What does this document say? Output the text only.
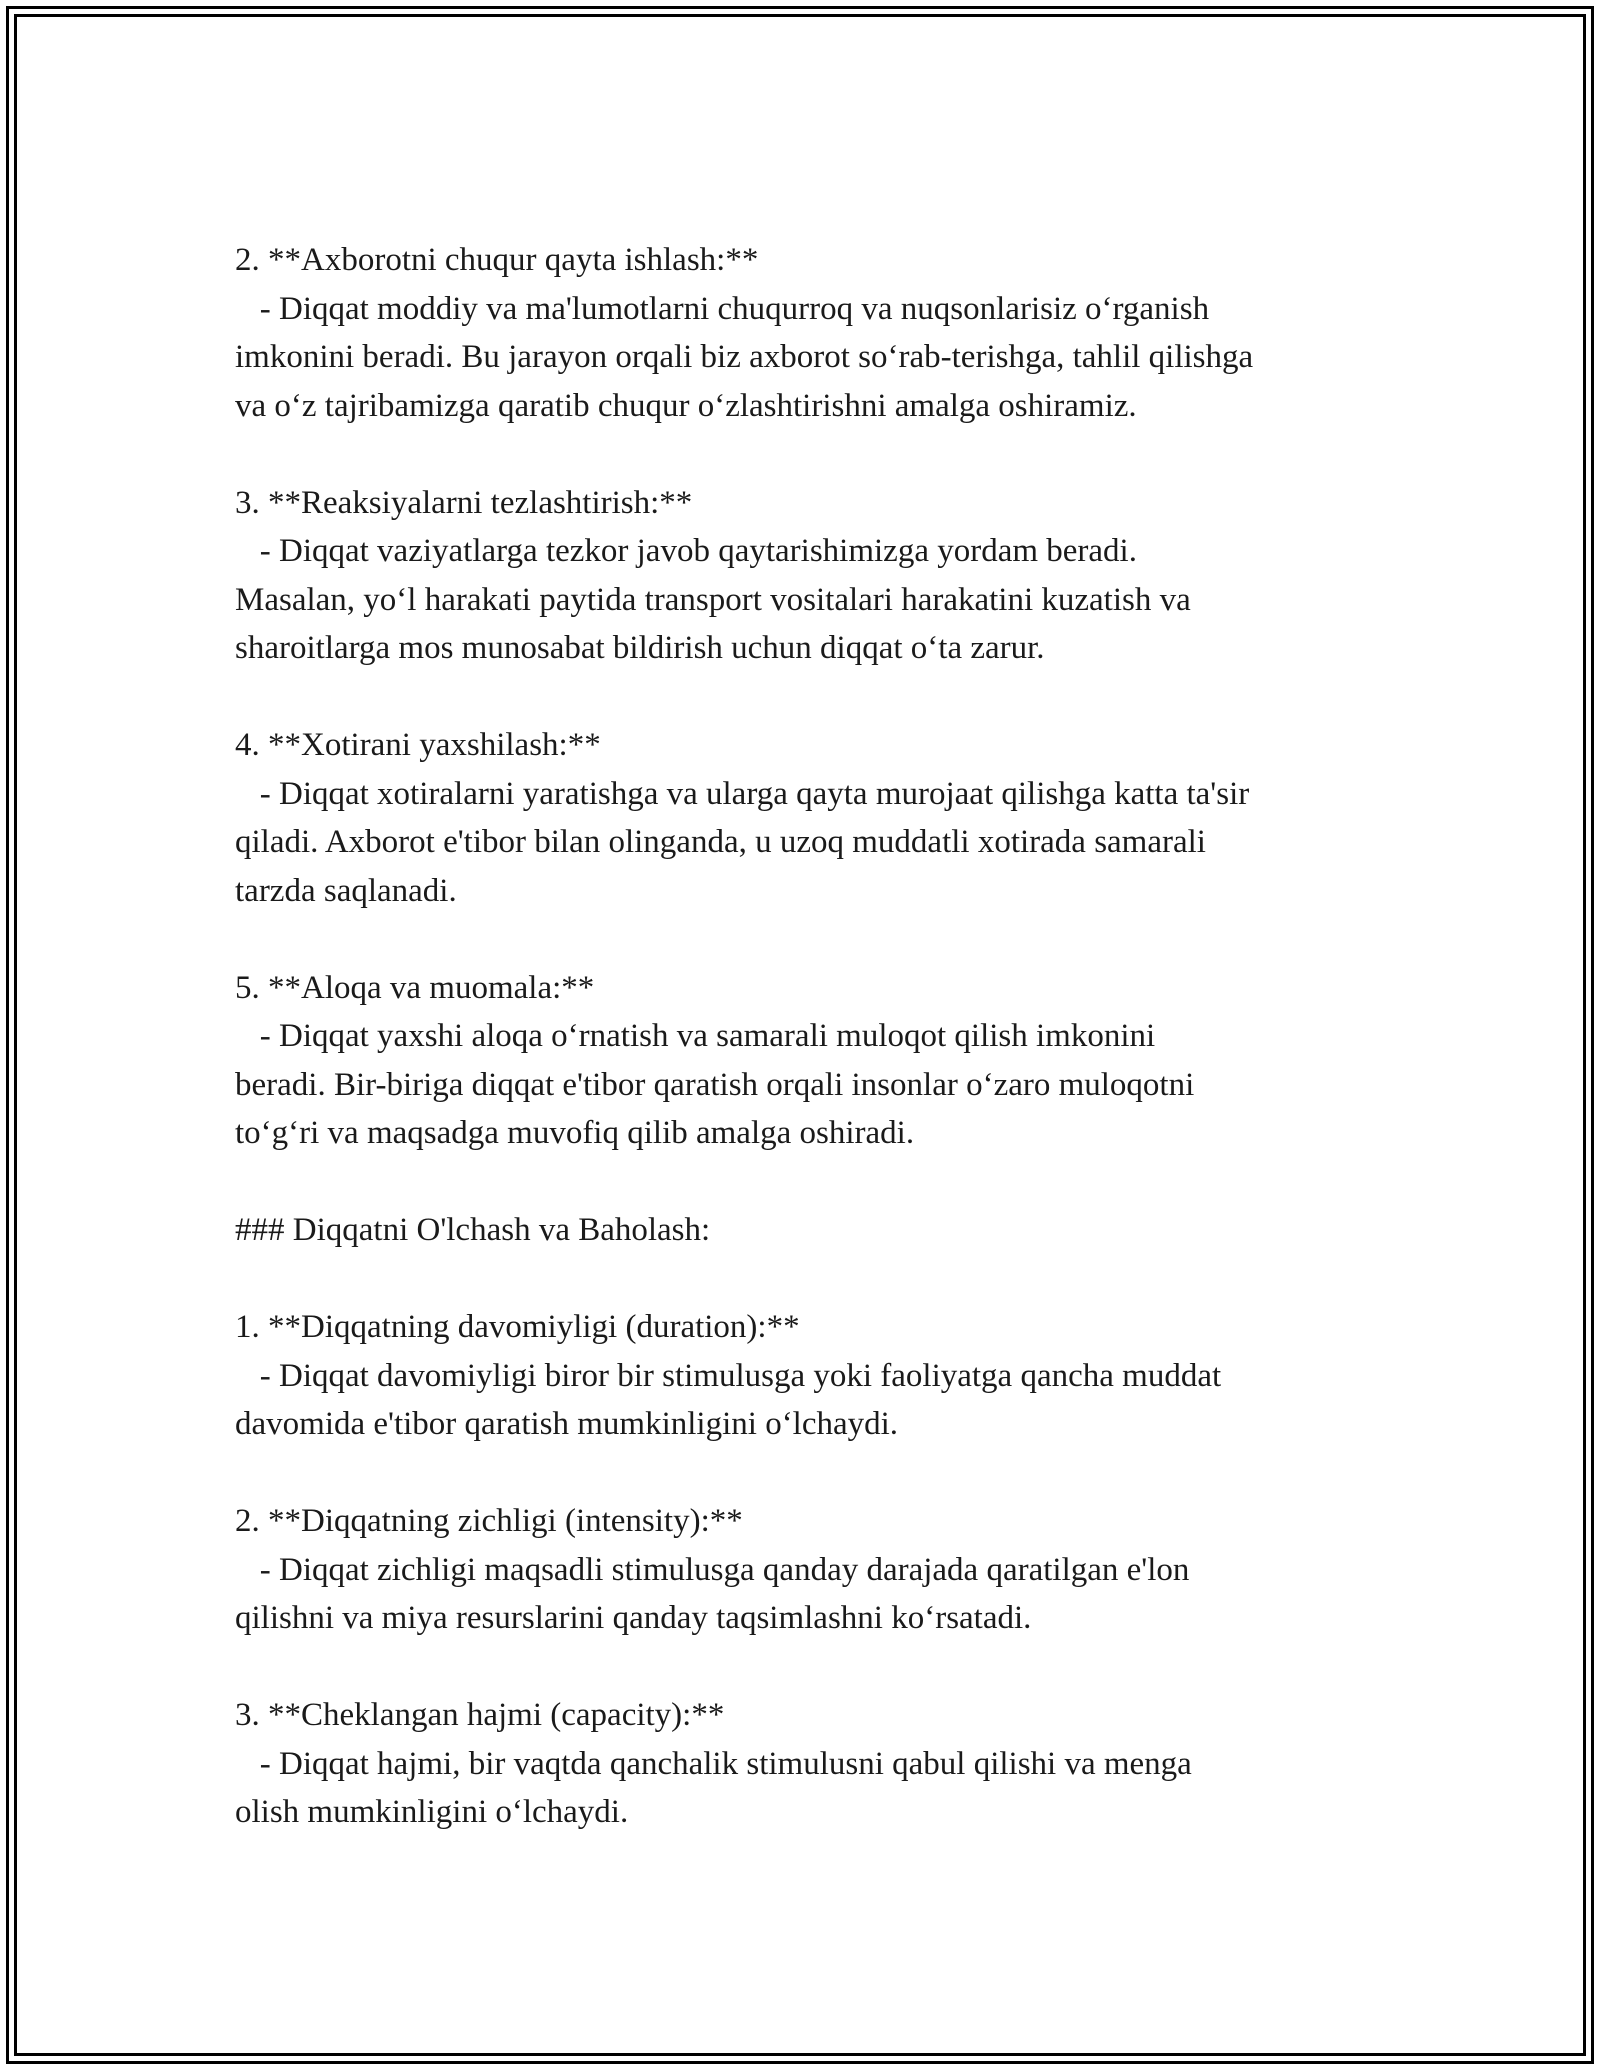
2. **Axborotni chuqur qayta ishlash:**
- Diqqat moddiy va ma'lumotlarni chuqurroq va nuqsonlarisiz o‘rganish
imkonini beradi. Bu jarayon orqali biz axborot so‘rab-terishga, tahlil qilishga
va o‘z tajribamizga qaratib chuqur o‘zlashtirishni amalga oshiramiz.
3. **Reaksiyalarni tezlashtirish:**
- Diqqat vaziyatlarga tezkor javob qaytarishimizga yordam beradi.
Masalan, yo‘l harakati paytida transport vositalari harakatini kuzatish va
sharoitlarga mos munosabat bildirish uchun diqqat o‘ta zarur.
4. **Xotirani yaxshilash:**
- Diqqat xotiralarni yaratishga va ularga qayta murojaat qilishga katta ta'sir
qiladi. Axborot e'tibor bilan olinganda, u uzoq muddatli xotirada samarali
tarzda saqlanadi.
5. **Aloqa va muomala:**
- Diqqat yaxshi aloqa o‘rnatish va samarali muloqot qilish imkonini
beradi. Bir-biriga diqqat e'tibor qaratish orqali insonlar o‘zaro muloqotni
to‘g‘ri va maqsadga muvofiq qilib amalga oshiradi.
### Diqqatni O'lchash va Baholash:
1. **Diqqatning davomiyligi (duration):**
- Diqqat davomiyligi biror bir stimulusga yoki faoliyatga qancha muddat
davomida e'tibor qaratish mumkinligini o‘lchaydi.
2. **Diqqatning zichligi (intensity):**
- Diqqat zichligi maqsadli stimulusga qanday darajada qaratilgan e'lon
qilishni va miya resurslarini qanday taqsimlashni ko‘rsatadi.
3. **Cheklangan hajmi (capacity):**
- Diqqat hajmi, bir vaqtda qanchalik stimulusni qabul qilishi va menga
olish mumkinligini o‘lchaydi.
